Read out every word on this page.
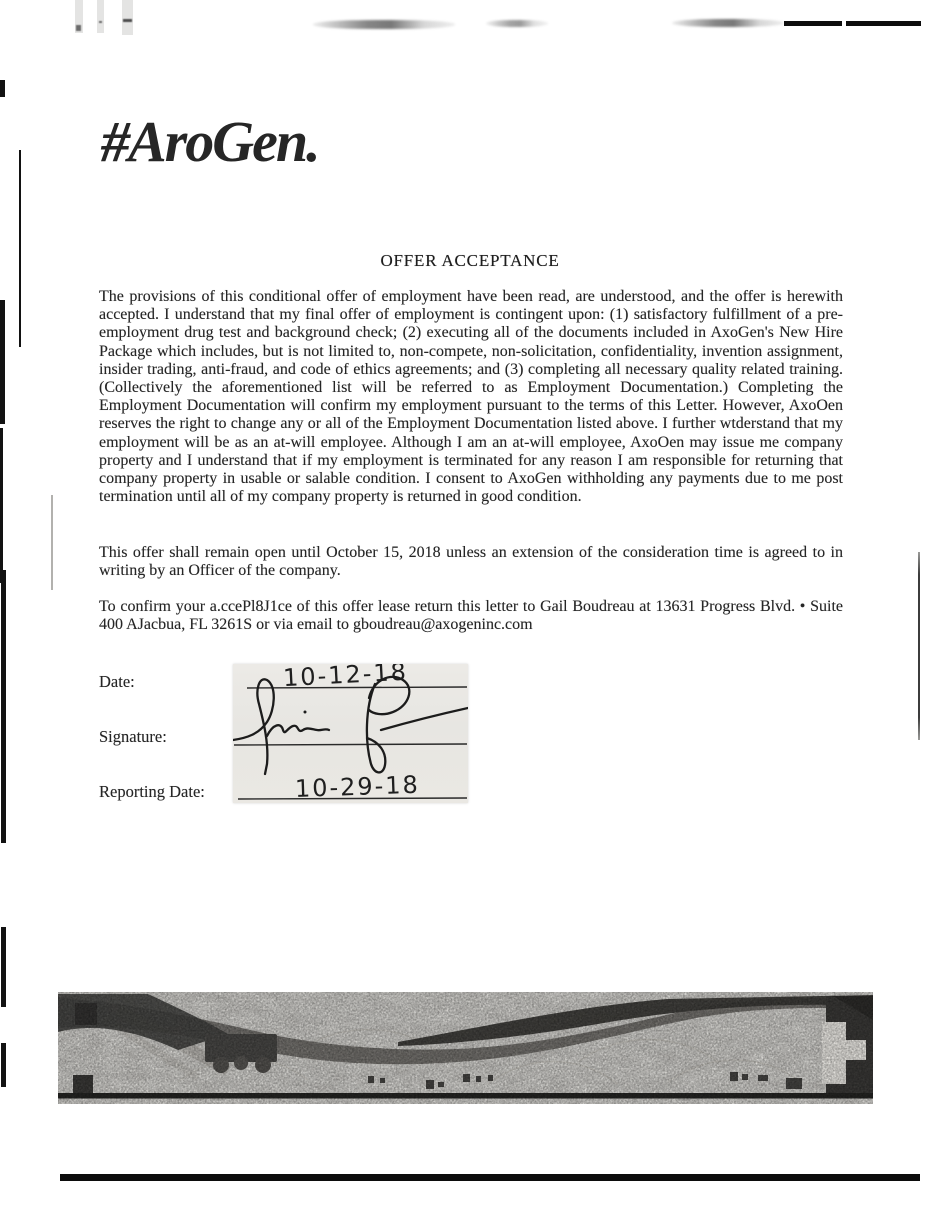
#AroGen.
OFFER ACCEPTANCE

The provisions of this conditional offer of employment have been read, are understood, and the offer is herewith accepted. I understand that my final offer of employment is contingent upon: (1) satisfactory fulfillment of a pre-employment drug test and background check; (2) executing all of the documents included in AxoGen's New Hire Package which includes, but is not limited to, non-compete, non-solicitation, confidentiality, invention assignment, insider trading, anti-fraud, and code of ethics agreements; and (3) completing all necessary quality related training. (Collectively the aforementioned list will be referred to as Employment Documentation.) Completing the Employment Documentation will confirm my employment pursuant to the terms of this Letter. However, AxoOen reserves the right to change any or all of the Employment Documentation listed above. I further wtderstand that my employment will be as an at-will employee. Although I am an at-will employee, AxoOen may issue me company property and I understand that if my employment is terminated for any reason I am responsible for returning that company property in usable or salable condition. I consent to AxoGen withholding any payments due to me post termination until all of my company property is returned in good condition.

This offer shall remain open until October 15, 2018 unless an extension of the consideration time is agreed to in writing by an Officer of the company.

To confirm your a.ccePl8J1ce of this offer lease return this letter to Gail Boudreau at 13631 Progress Blvd. • Suite 400 AJacbua, FL 3261S or via email to gboudreau@axogeninc.com

Date:
Signature:
Reporting Date:
10-12-18
10-29-18
